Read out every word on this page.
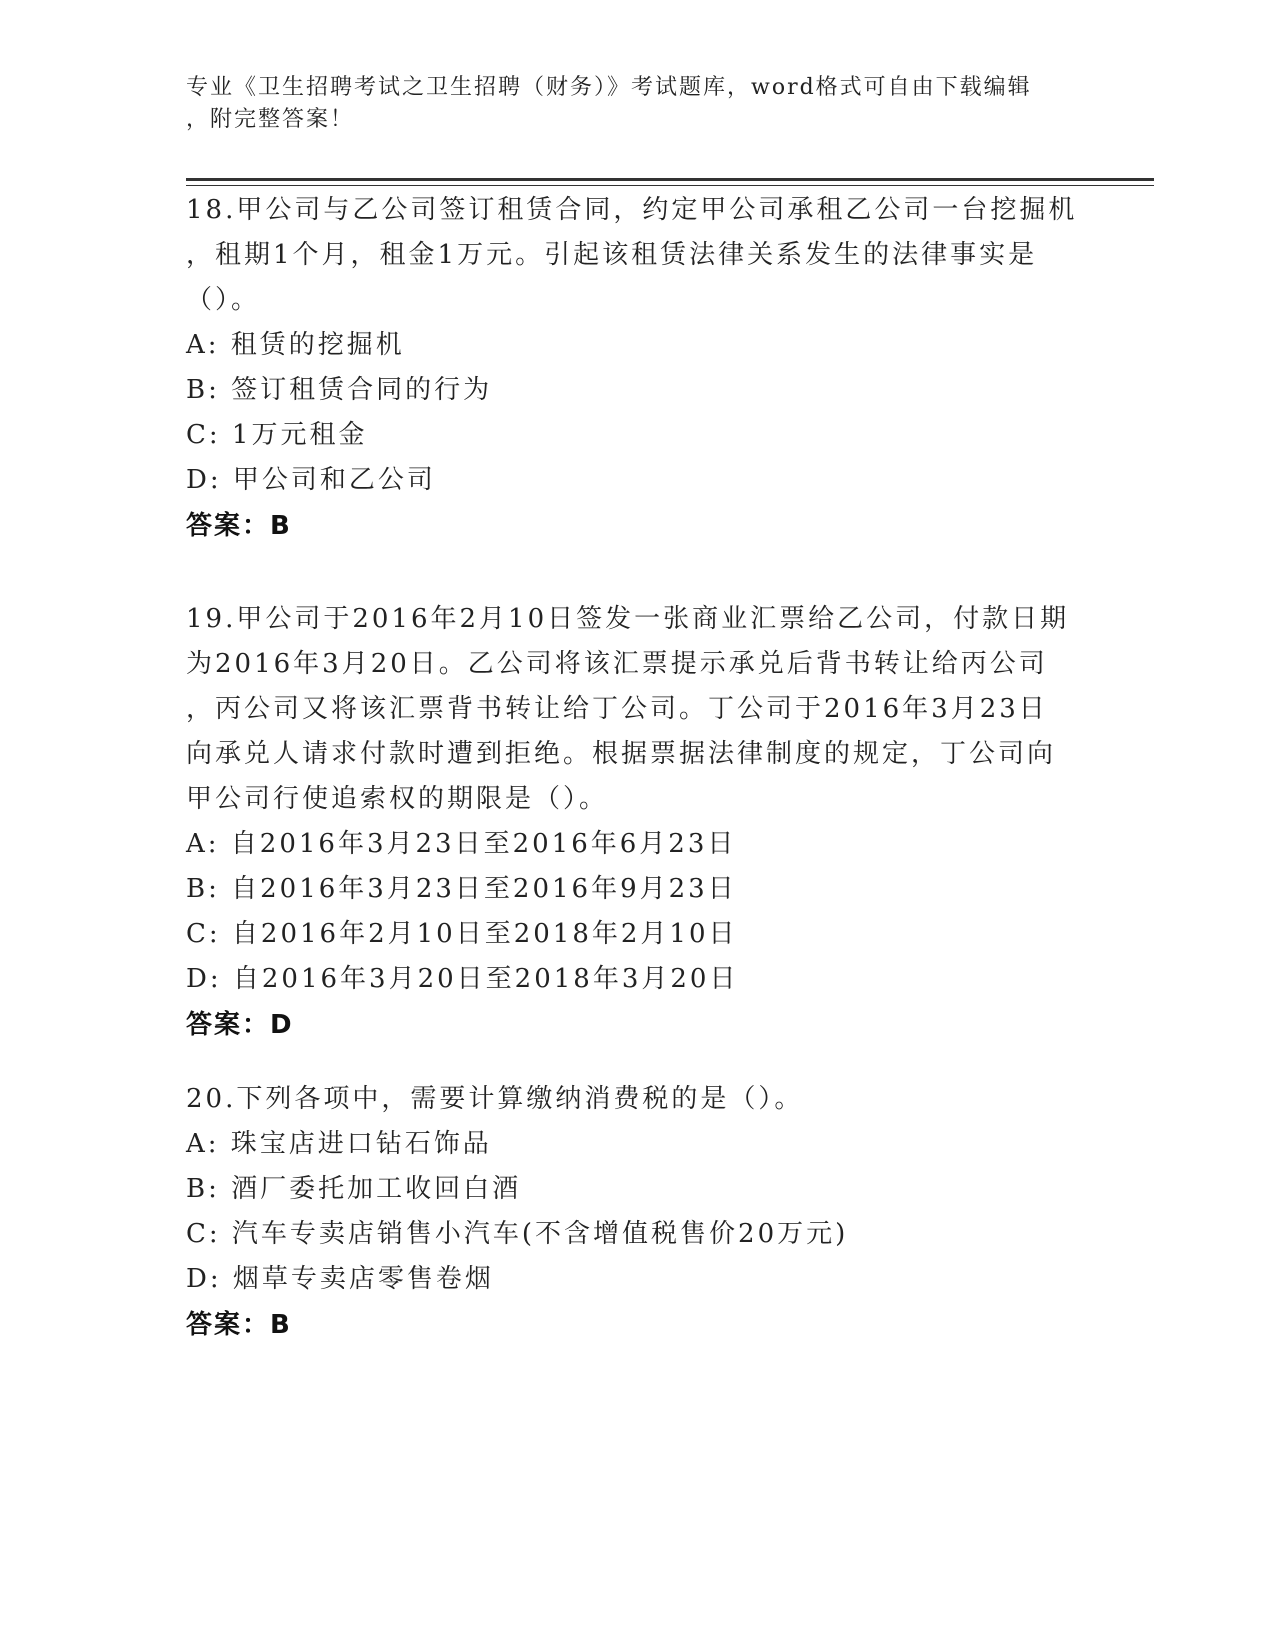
专业《卫生招聘考试之卫生招聘（财务）》考试题库，word格式可自由下载编辑
，附完整答案！

18.甲公司与乙公司签订租赁合同，约定甲公司承租乙公司一台挖掘机

，租期1个月，租金1万元。引起该租赁法律关系发生的法律事实是

（）。

A: 租赁的挖掘机

B: 签订租赁合同的行为

C: 1万元租金

D: 甲公司和乙公司

答案：B

19.甲公司于2016年2月10日签发一张商业汇票给乙公司，付款日期

为2016年3月20日。乙公司将该汇票提示承兑后背书转让给丙公司

，丙公司又将该汇票背书转让给丁公司。丁公司于2016年3月23日

向承兑人请求付款时遭到拒绝。根据票据法律制度的规定，丁公司向

甲公司行使追索权的期限是（）。

A: 自2016年3月23日至2016年6月23日

B: 自2016年3月23日至2016年9月23日

C: 自2016年2月10日至2018年2月10日

D: 自2016年3月20日至2018年3月20日

答案：D

20.下列各项中，需要计算缴纳消费税的是（）。

A: 珠宝店进口钻石饰品

B: 酒厂委托加工收回白酒

C: 汽车专卖店销售小汽车(不含增值税售价20万元)

D: 烟草专卖店零售卷烟

答案：B
